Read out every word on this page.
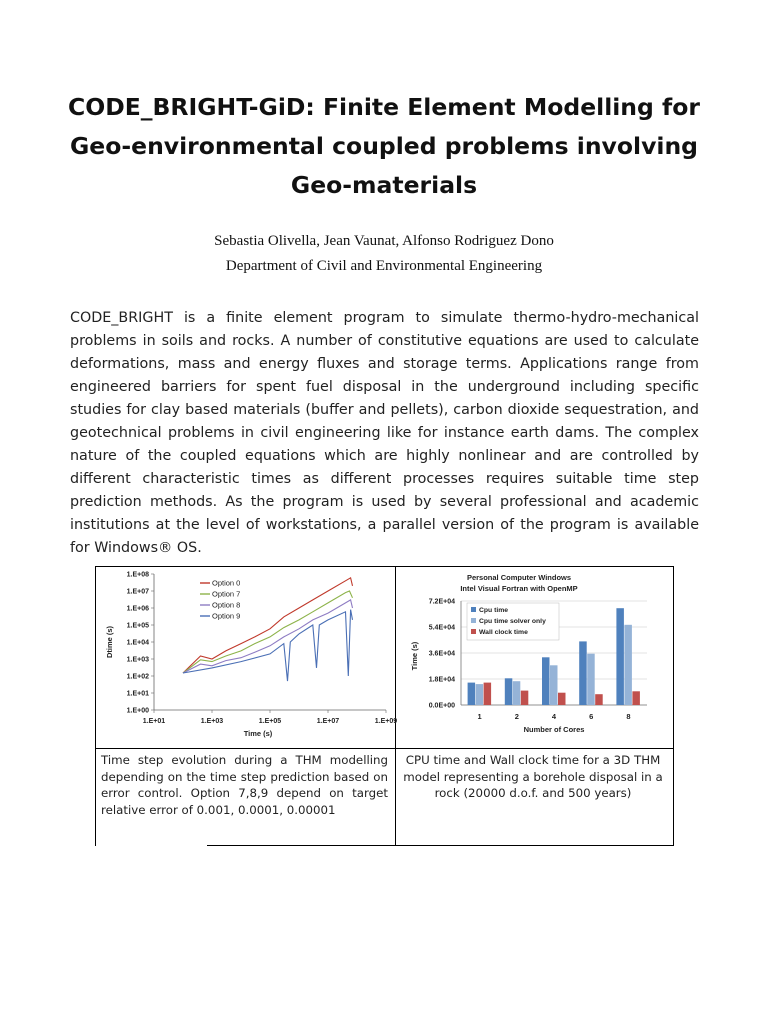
CODE_BRIGHT-GiD: Finite Element Modelling for
Geo-environmental coupled problems involving
Geo-materials
Sebastia Olivella, Jean Vaunat, Alfonso Rodriguez Dono
Department of Civil and Environmental Engineering
CODE_BRIGHT is a finite element program to simulate thermo-hydro-mechanical problems in soils and rocks. A number of constitutive equations are used to calculate deformations, mass and energy fluxes and storage terms. Applications range from engineered barriers for spent fuel disposal in the underground including specific studies for clay based materials (buffer and pellets), carbon dioxide sequestration, and geotechnical problems in civil engineering like for instance earth dams. The complex nature of the coupled equations which are highly nonlinear and are controlled by different characteristic times as different processes requires suitable time step prediction methods. As the program is used by several professional and academic institutions at the level of workstations, a parallel version of the program is available for Windows® OS.
1.E+00
1.E+01
1.E+02
1.E+03
1.E+04
1.E+05
1.E+06
1.E+07
1.E+08
1.E+01	1.E+03	1.E+05	1.E+07	1.E+09
Option 0
Option 7
Option 8
Option 9
Time (s)
Dtime (s)
Personal Computer Windows
Intel Visual Fortran with OpenMP
0.0E+00
1.8E+04
3.6E+04
5.4E+04
7.2E+04
1	2	4	6	8
Cpu time
Cpu time solver only
Wall clock time
Number of Cores
Time (s)
Time step evolution during a THM modelling depending on the time step prediction based on error control. Option 7,8,9 depend on target relative error of 0.001, 0.0001, 0.00001
CPU time and Wall clock time for a 3D THM model representing a borehole disposal in a rock (20000 d.o.f. and 500 years)
